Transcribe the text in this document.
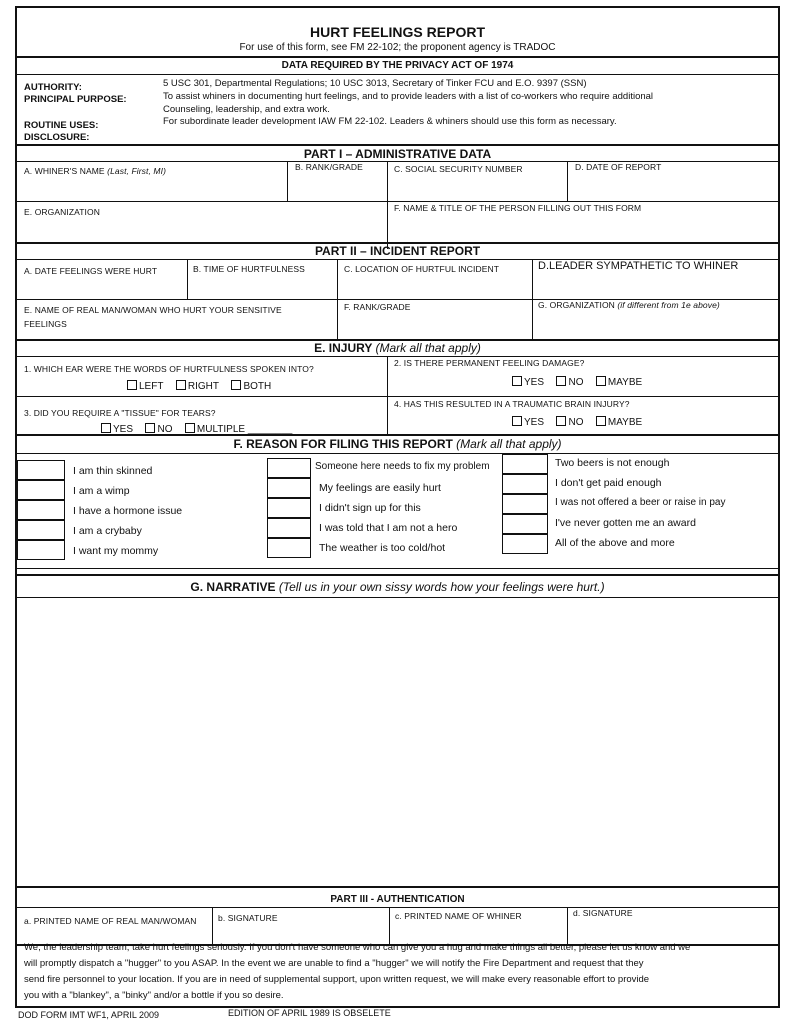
HURT FEELINGS REPORT
For use of this form, see FM 22-102; the proponent agency is TRADOC
DATA REQUIRED BY THE PRIVACY ACT OF 1974
AUTHORITY:	5 USC 301, Departmental Regulations; 10 USC 3013, Secretary of Tinker FCU and E.O. 9397 (SSN)
PRINCIPAL PURPOSE:	To assist whiners in documenting hurt feelings, and to provide leaders with a list of co-workers who require additional
Counseling, leadership, and extra work.
ROUTINE USES:	For subordinate leader development IAW FM 22-102. Leaders & whiners should use this form as necessary.
DISCLOSURE:
PART I – ADMINISTRATIVE DATA
A. WHINER'S NAME (Last, First, MI)	B. RANK/GRADE	C. SOCIAL SECURITY NUMBER	D. DATE OF REPORT
E. ORGANIZATION	F. NAME & TITLE OF THE PERSON FILLING OUT THIS FORM
PART II – INCIDENT REPORT
A. DATE FEELINGS WERE HURT	B. TIME OF HURTFULNESS	C. LOCATION OF HURTFUL INCIDENT	D.LEADER SYMPATHETIC TO WHINER
E. NAME OF REAL MAN/WOMAN WHO HURT YOUR SENSITIVE
FEELINGS
F. RANK/GRADE	G. ORGANIZATION (if different from 1e above)
E. INJURY (Mark all that apply)
1. WHICH EAR WERE THE WORDS OF HURTFULNESS SPOKEN INTO?
LEFT RIGHT BOTH
2. IS THERE PERMANENT FEELING DAMAGE?
YES NO MAYBE
3. DID YOU REQUIRE A "TISSUE" FOR TEARS?
YES NO MULTIPLE ________
4. HAS THIS RESULTED IN A TRAUMATIC BRAIN INJURY?
YES NO MAYBE
F. REASON FOR FILING THIS REPORT (Mark all that apply)
I am thin skinned
I am a wimp
I have a hormone issue
I am a crybaby
I want my mommy
Someone here needs to fix my problem
My feelings are easily hurt
I didn't sign up for this
I was told that I am not a hero
The weather is too cold/hot
Two beers is not enough
I don't get paid enough
I was not offered a beer or raise in pay
I've never gotten me an award
All of the above and more
G. NARRATIVE (Tell us in your own sissy words how your feelings were hurt.)
PART III - AUTHENTICATION
a. PRINTED NAME OF REAL MAN/WOMAN	b. SIGNATURE	c. PRINTED NAME OF WHINER	d. SIGNATURE
We, the leadership team, take hurt feelings seriously. If you don't have someone who can give you a hug and make things all better, please let us know and we
will promptly dispatch a "hugger" to you ASAP. In the event we are unable to find a "hugger" we will notify the Fire Department and request that they
send fire personnel to your location. If you are in need of supplemental support, upon written request, we will make every reasonable effort to provide
you with a "blankey", a "binky" and/or a bottle if you so desire.
DOD FORM IMT WF1, APRIL 2009	EDITION OF APRIL 1989 IS OBSELETE
